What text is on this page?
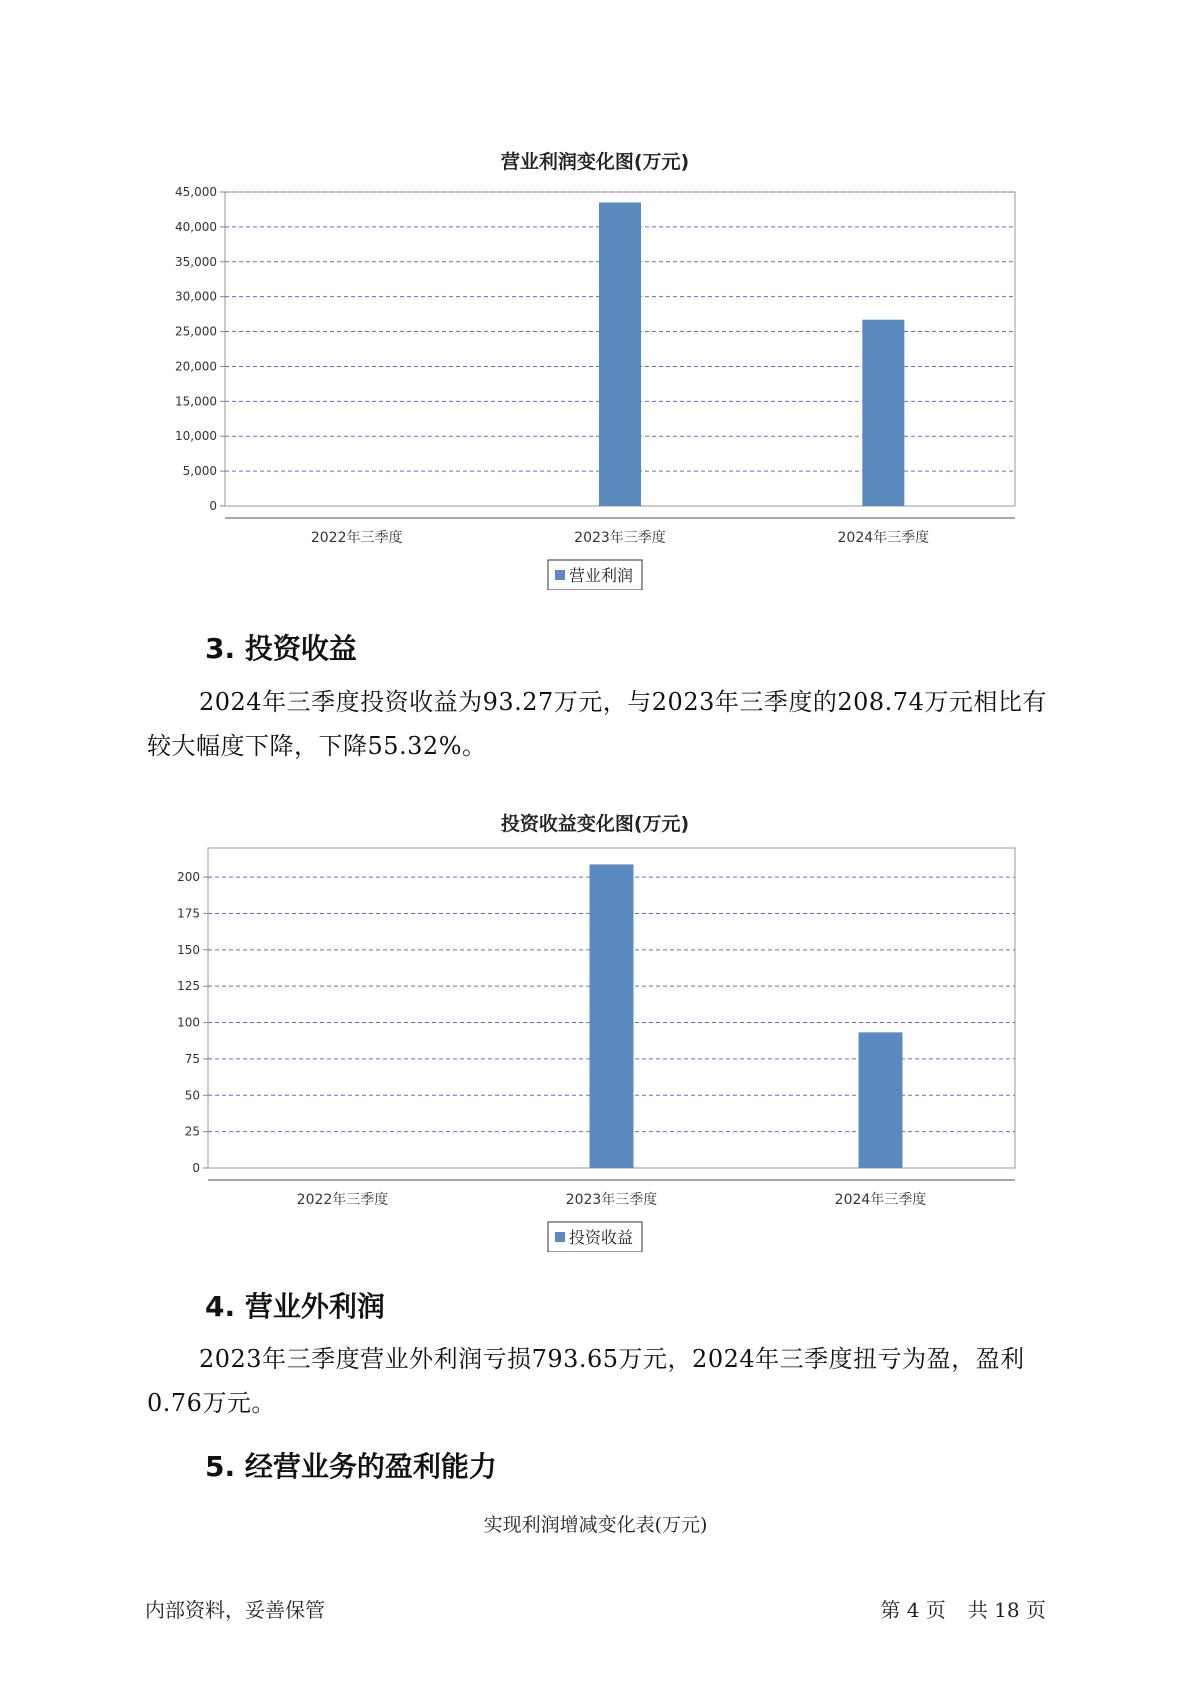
营业利润变化图(万元)
0
5,000
10,000
15,000
20,000
25,000
30,000
35,000
40,000
45,000
2022年三季度	2023年三季度	2024年三季度
营业利润
3. 投资收益

2024年三季度投资收益为93.27万元，与2023年三季度的208.74万元相比有较大幅度下降，下降55.32%。

投资收益变化图(万元)
0
25
50
75
100
125
150
175
200
2022年三季度	2023年三季度	2024年三季度
投资收益
4. 营业外利润

2023年三季度营业外利润亏损793.65万元，2024年三季度扭亏为盈，盈利0.76万元。

5. 经营业务的盈利能力

实现利润增减变化表(万元)

内部资料，妥善保管	第 4 页 共 18 页
